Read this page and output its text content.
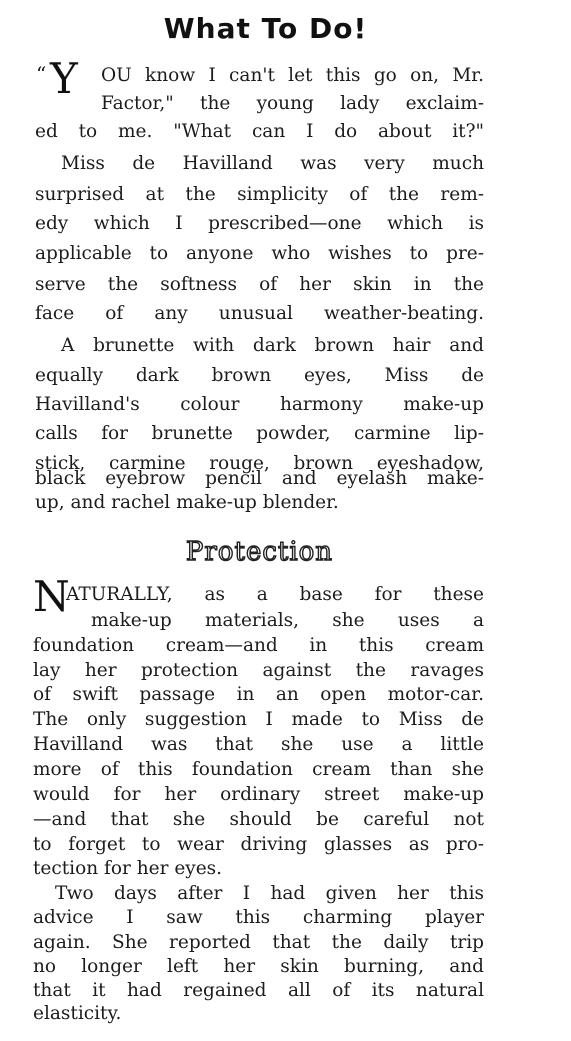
What To Do!
“ Y OU know I can't let this go on, Mr.
Factor," the young lady exclaim-
ed to me. "What can I do about it?"
Miss de Havilland was very much
surprised at the simplicity of the rem-
edy which I prescribed—one which is
applicable to anyone who wishes to pre-
serve the softness of her skin in the
face of any unusual weather-beating.
A brunette with dark brown hair and
equally dark brown eyes, Miss de
Havilland's colour harmony make-up
calls for brunette powder, carmine lip-
stick, carmine rouge, brown eyeshadow,
black eyebrow pencil and eyelash make-
up, and rachel make-up blender.
Protection
N
ATURALLY, as a base for these
make-up materials, she uses a
foundation cream—and in this cream
lay her protection against the ravages
of swift passage in an open motor-car.
The only suggestion I made to Miss de
Havilland was that she use a little
more of this foundation cream than she
would for her ordinary street make-up
—and that she should be careful not
to forget to wear driving glasses as pro-
tection for her eyes.
Two days after I had given her this
advice I saw this charming player
again. She reported that the daily trip
no longer left her skin burning, and
that it had regained all of its natural
elasticity.
